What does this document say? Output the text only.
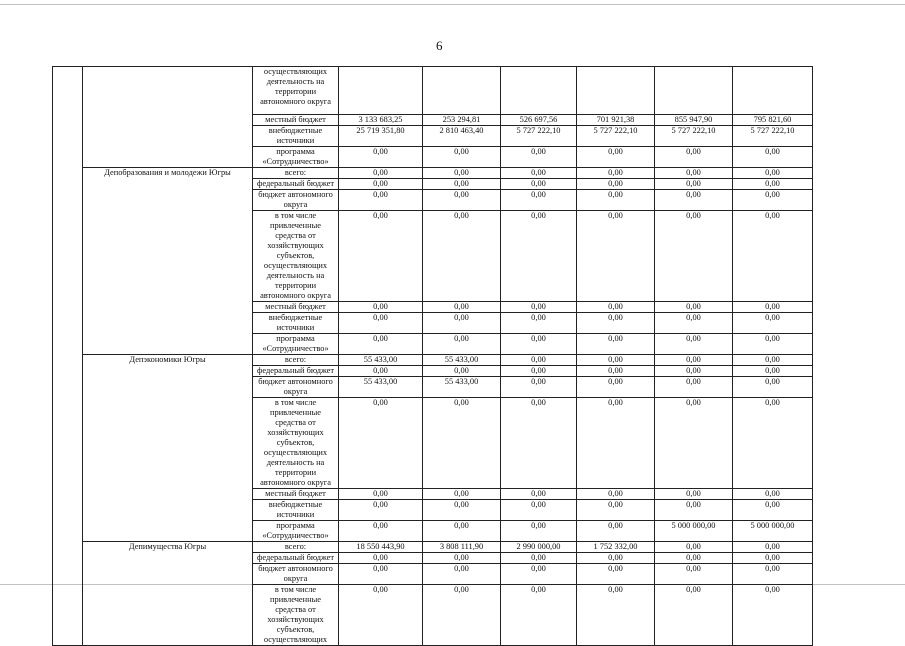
6
		осуществляющих деятельность на территории автономного округа						
		местный бюджет	3 133 683,25	253 294,81	526 697,56	701 921,38	855 947,90	795 821,60
		внебюджетные источники	25 719 351,80	2 810 463,40	5 727 222,10	5 727 222,10	5 727 222,10	5 727 222,10
		программа «Сотрудничество»	0,00	0,00	0,00	0,00	0,00	0,00
	Депобразования и молодежи Югры	всего:	0,00	0,00	0,00	0,00	0,00	0,00
		федеральный бюджет	0,00	0,00	0,00	0,00	0,00	0,00
		бюджет автономного округа	0,00	0,00	0,00	0,00	0,00	0,00
		в том числе привлеченные средства от хозяйствующих субъектов, осуществляющих деятельность на территории автономного округа	0,00	0,00	0,00	0,00	0,00	0,00
		местный бюджет	0,00	0,00	0,00	0,00	0,00	0,00
		внебюджетные источники	0,00	0,00	0,00	0,00	0,00	0,00
		программа «Сотрудничество»	0,00	0,00	0,00	0,00	0,00	0,00
	Депэкономики Югры	всего:	55 433,00	55 433,00	0,00	0,00	0,00	0,00
		федеральный бюджет	0,00	0,00	0,00	0,00	0,00	0,00
		бюджет автономного округа	55 433,00	55 433,00	0,00	0,00	0,00	0,00
		в том числе привлеченные средства от хозяйствующих субъектов, осуществляющих деятельность на территории автономного округа	0,00	0,00	0,00	0,00	0,00	0,00
		местный бюджет	0,00	0,00	0,00	0,00	0,00	0,00
		внебюджетные источники	0,00	0,00	0,00	0,00	0,00	0,00
		программа «Сотрудничество»	0,00	0,00	0,00	0,00	5 000 000,00	5 000 000,00
	Депимущества Югры	всего:	18 550 443,90	3 808 111,90	2 990 000,00	1 752 332,00	0,00	0,00
		федеральный бюджет	0,00	0,00	0,00	0,00	0,00	0,00
		бюджет автономного округа	0,00	0,00	0,00	0,00	0,00	0,00
		в том числе привлеченные средства от хозяйствующих субъектов, осуществляющих	0,00	0,00	0,00	0,00	0,00	0,00
